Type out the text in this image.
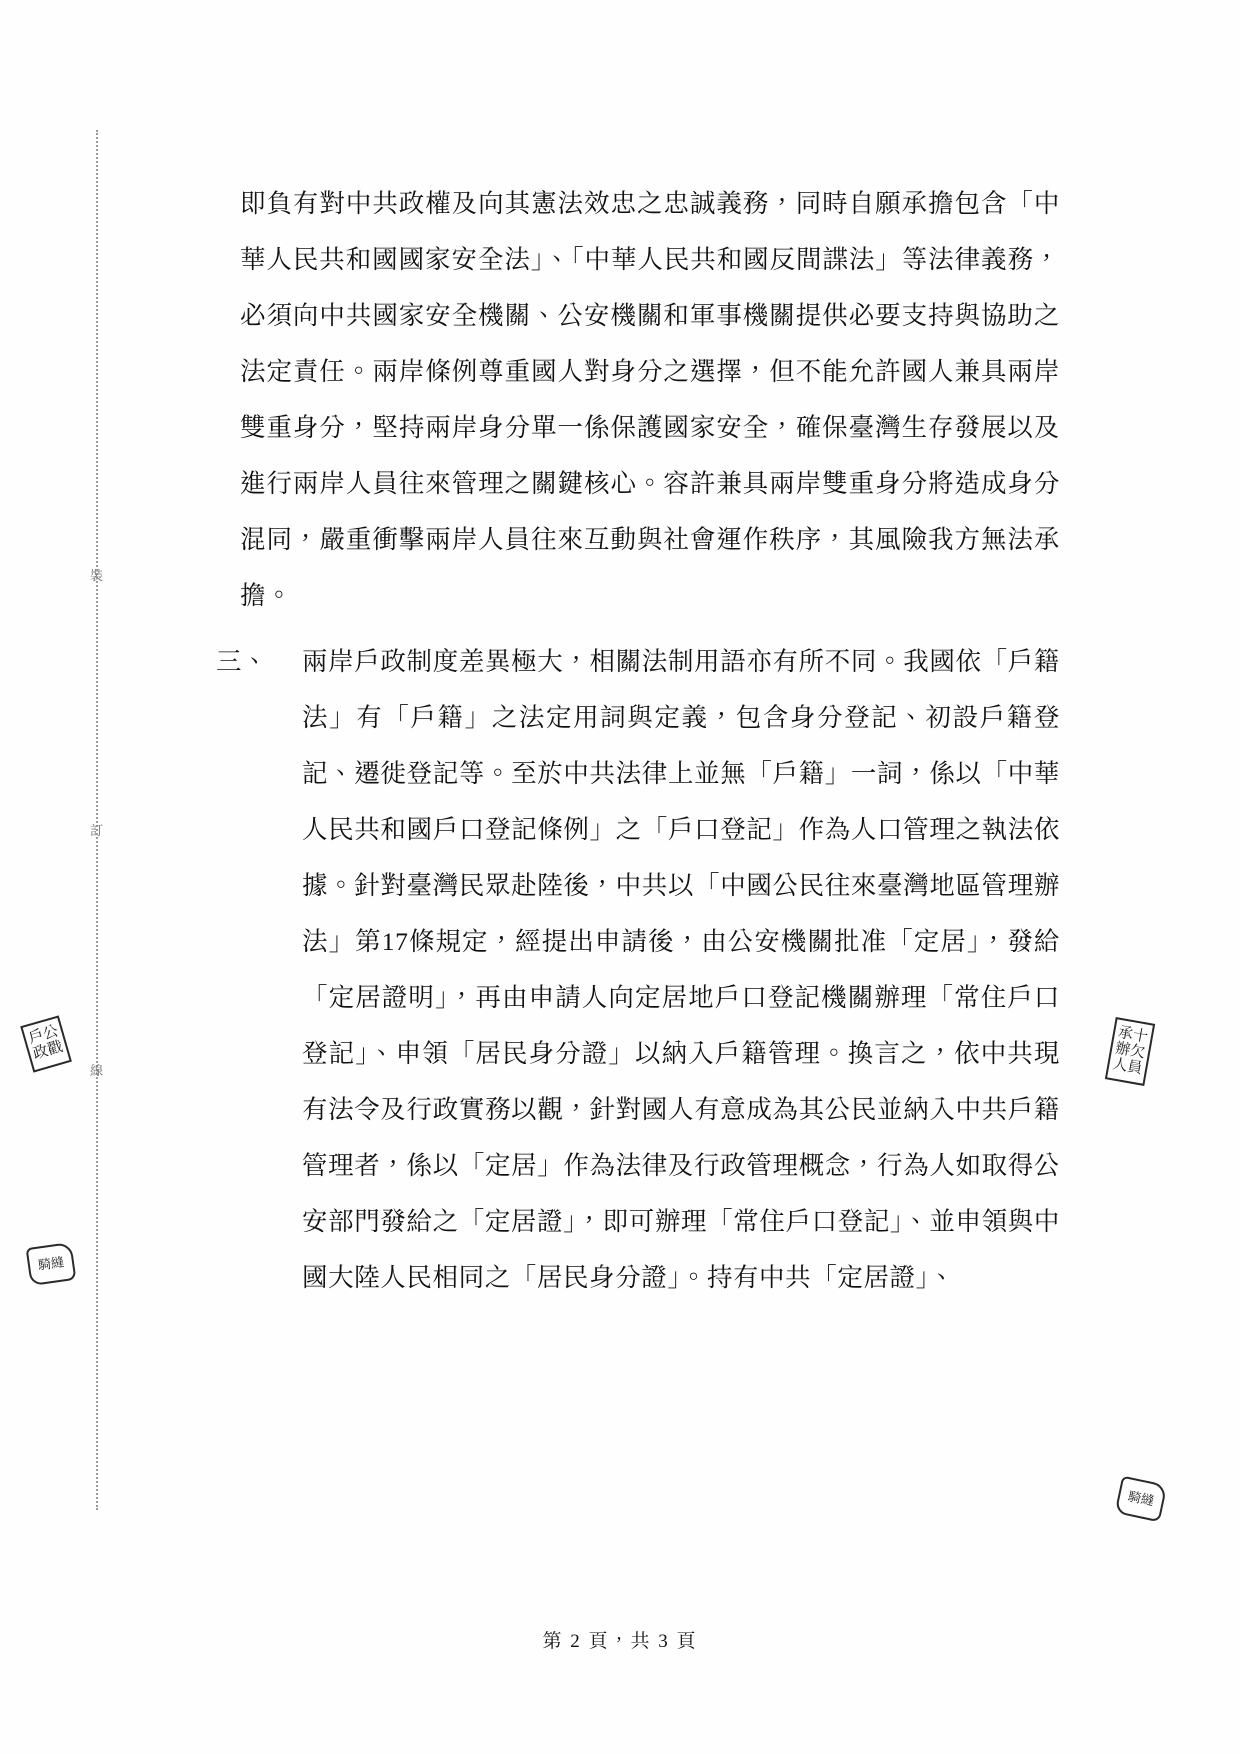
裝
訂
線
戶公
政戳
承十
辦欠
人員
騎縫
騎縫

即負有對中共政權及向其憲法效忠之忠誠義務，同時自願承擔包含「中華人民共和國國家安全法」、「中華人民共和國反間諜法」等法律義務，必須向中共國家安全機關、公安機關和軍事機關提供必要支持與協助之法定責任。兩岸條例尊重國人對身分之選擇，但不能允許國人兼具兩岸雙重身分，堅持兩岸身分單一係保護國家安全，確保臺灣生存發展以及進行兩岸人員往來管理之關鍵核心。容許兼具兩岸雙重身分將造成身分混同，嚴重衝擊兩岸人員往來互動與社會運作秩序，其風險我方無法承擔。

三、 兩岸戶政制度差異極大，相關法制用語亦有所不同。我國依「戶籍法」有「戶籍」之法定用詞與定義，包含身分登記、初設戶籍登記、遷徙登記等。至於中共法律上並無「戶籍」一詞，係以「中華人民共和國戶口登記條例」之「戶口登記」作為人口管理之執法依據。針對臺灣民眾赴陸後，中共以「中國公民往來臺灣地區管理辦法」第17條規定，經提出申請後，由公安機關批准「定居」，發給「定居證明」，再由申請人向定居地戶口登記機關辦理「常住戶口登記」、申領「居民身分證」以納入戶籍管理。換言之，依中共現有法令及行政實務以觀，針對國人有意成為其公民並納入中共戶籍管理者，係以「定居」作為法律及行政管理概念，行為人如取得公安部門發給之「定居證」，即可辦理「常住戶口登記」、並申領與中國大陸人民相同之「居民身分證」。持有中共「定居證」、

第 2 頁，共 3 頁
